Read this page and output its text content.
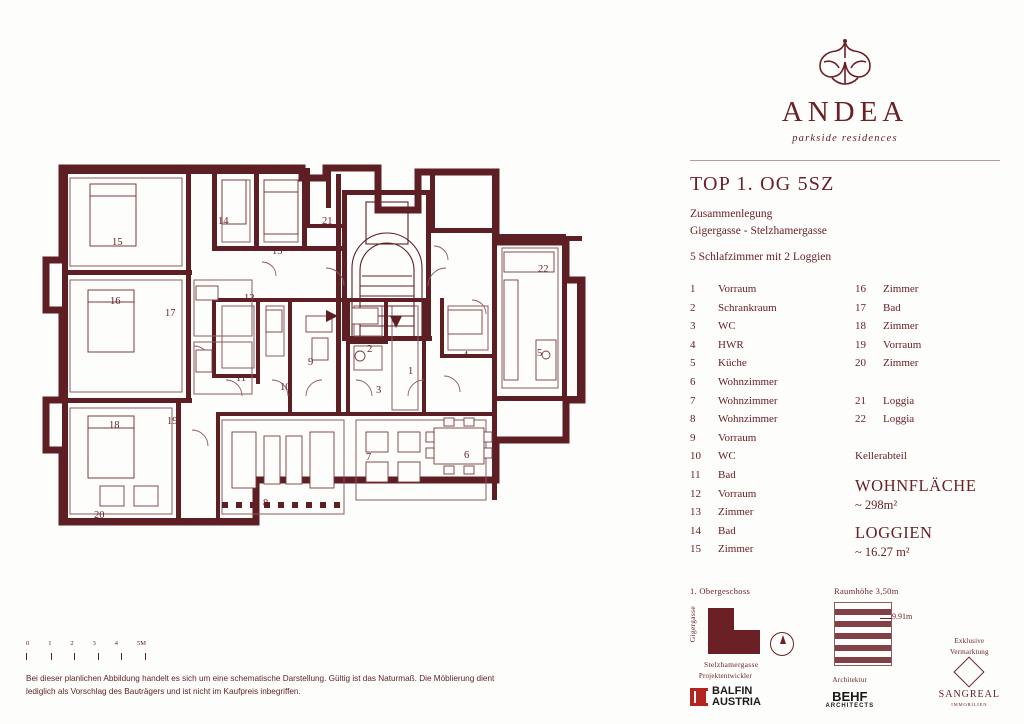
ANDEA
parkside residences
TOP 1. OG 5SZ
Zusammenlegung
Gigergasse - Stelzhamergasse
5 Schlafzimmer mit 2 Loggien
1	Vorraum
2	Schrankraum
3	WC
4	HWR
5	Küche
6	Wohnzimmer
7	Wohnzimmer
8	Wohnzimmer
9	Vorraum
10	WC
11	Bad
12	Vorraum
13	Zimmer
14	Bad
15	Zimmer
16	Zimmer
17	Bad
18	Zimmer
19	Vorraum
20	Zimmer
21	Loggia
22	Loggia
Kellerabteil
WOHNFLÄCHE
~ 298m²
LOGGIEN
~ 16.27 m²
1. Obergeschoss
Gigergasse
Stelzhamergasse
Raumhöhe 3,50m
9.91m
Projektentwickler
BALFIN
AUSTRIA
Architektur
BEHF
ARCHITECTS
Exklusive
Vermarktung
SANGREAL
IMMOBILIEN
15
16
18
20
19
17
14
13
21
12
11
10
9
2
3
1
4	5
22
7	6
8
0	1	2	3	4	5M
Bei dieser planlichen Abbildung handelt es sich um eine schematische Darstellung. Gültig ist das Naturmaß. Die Möblierung dient lediglich als Vorschlag des Bauträgers und ist nicht im Kaufpreis inbegriffen.
